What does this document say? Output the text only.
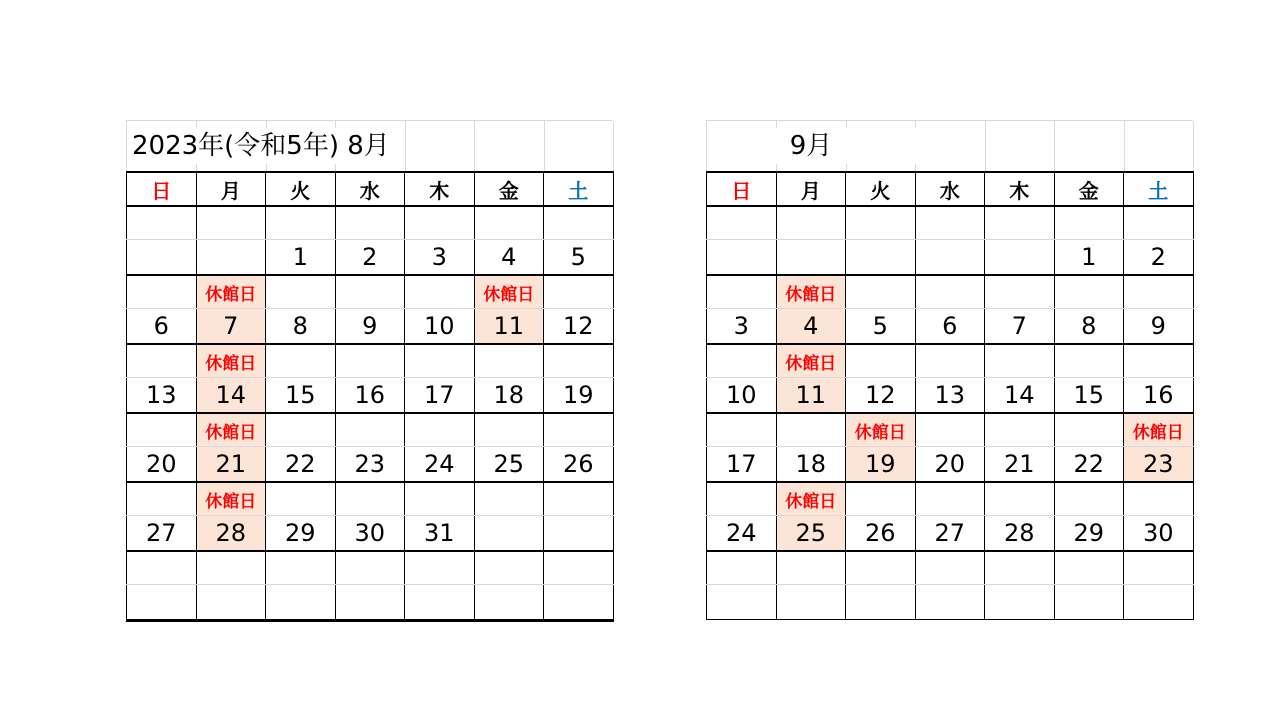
2023年(令和5年) 8月
日	月	火	水	木	金	土

		1	2	3	4	5
	休館日				休館日	
6	7	8	9	10	11	12
	休館日					
13	14	15	16	17	18	19
	休館日					
20	21	22	23	24	25	26
	休館日					
27	28	29	30	31		

9月
日	月	火	水	木	金	土

					1	2
	休館日					
3	4	5	6	7	8	9
	休館日					
10	11	12	13	14	15	16
		休館日				休館日
17	18	19	20	21	22	23
	休館日					
24	25	26	27	28	29	30
